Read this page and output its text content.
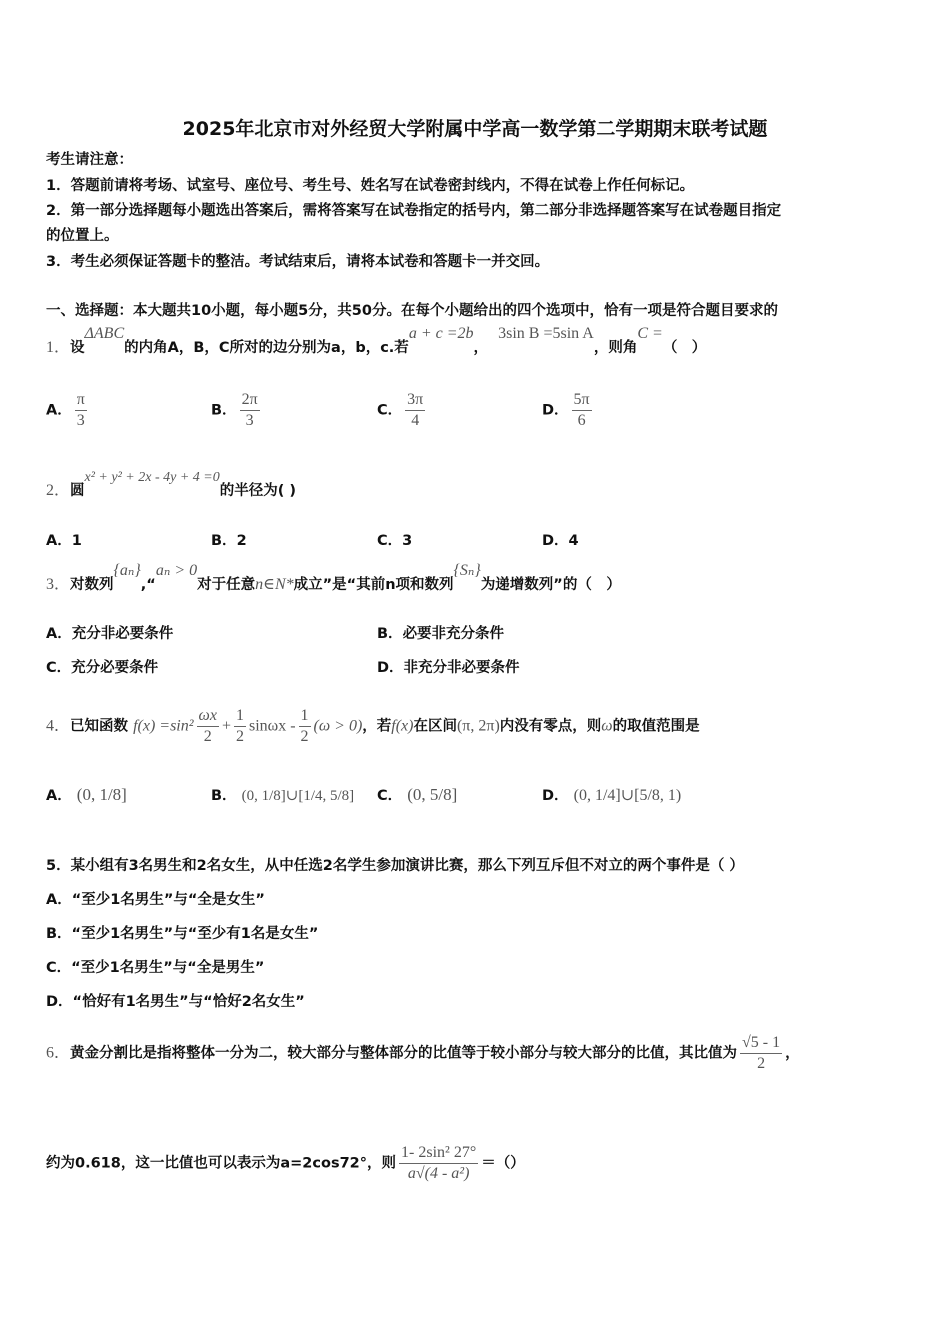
2025年北京市对外经贸大学附属中学高一数学第二学期期末联考试题
考生请注意：
1．答题前请将考场、试室号、座位号、考生号、姓名写在试卷密封线内，不得在试卷上作任何标记。
2．第一部分选择题每小题选出答案后，需将答案写在试卷指定的括号内，第二部分非选择题答案写在试卷题目指定
的位置上。
3．考生必须保证答题卡的整洁。考试结束后，请将本试卷和答题卡一并交回。
一、选择题：本大题共10小题，每小题5分，共50分。在每个小题给出的四个选项中，恰有一项是符合题目要求的
1．设ΔABC的内角A，B，C所对的边分别为a，b，c.若a + c =2b，  3sin B =5sin A，则角C =（　）
A． $\frac{\pi}{3}$	B． $\frac{2\pi}{3}$	C． $\frac{3\pi}{4}$	D． $\frac{5\pi}{6}$
2．圆x² + y² + 2x - 4y + 4 =0的半径为( )
A．1	B．2	C．3	D．4
3．对数列{aₙ},“aₙ > 0对于任意n∈N*成立”是“其前n项和数列{Sₙ}为递增数列”的（　）
A．充分非必要条件	B．必要非充分条件
C．充分必要条件	D．非充分非必要条件
4．已知函数 $f(x) =\sin^2 \frac{\omega x}{2} + \frac{1}{2}$ $\sin\omega x - \frac{1}{2} (\omega > 0)$，若f(x)在区间(π, 2π)内没有零点，则ω的取值范围是
A． (0, 1/8]	B． (0, 1/8]∪[1/4, 5/8] C． (0, 5/8]	D． (0, 1/4]∪[5/8, 1)
5．某小组有3名男生和2名女生，从中任选2名学生参加演讲比赛，那么下列互斥但不对立的两个事件是（ ）
A．“至少1名男生”与“全是女生”
B．“至少1名男生”与“至少有1名是女生”
C．“至少1名男生”与“全是男生”
D．“恰好有1名男生”与“恰好2名女生”
6．黄金分割比是指将整体一分为二，较大部分与整体部分的比值等于较小部分与较大部分的比值，其比值为 $\frac{√5 - 1}{2}$ ，
约为0.618，这一比值也可以表示为a=2cos72°，则 $\frac{\text{1- 2sin² 27°}}{\text{a√(4 - a²)}}$ ＝（）
